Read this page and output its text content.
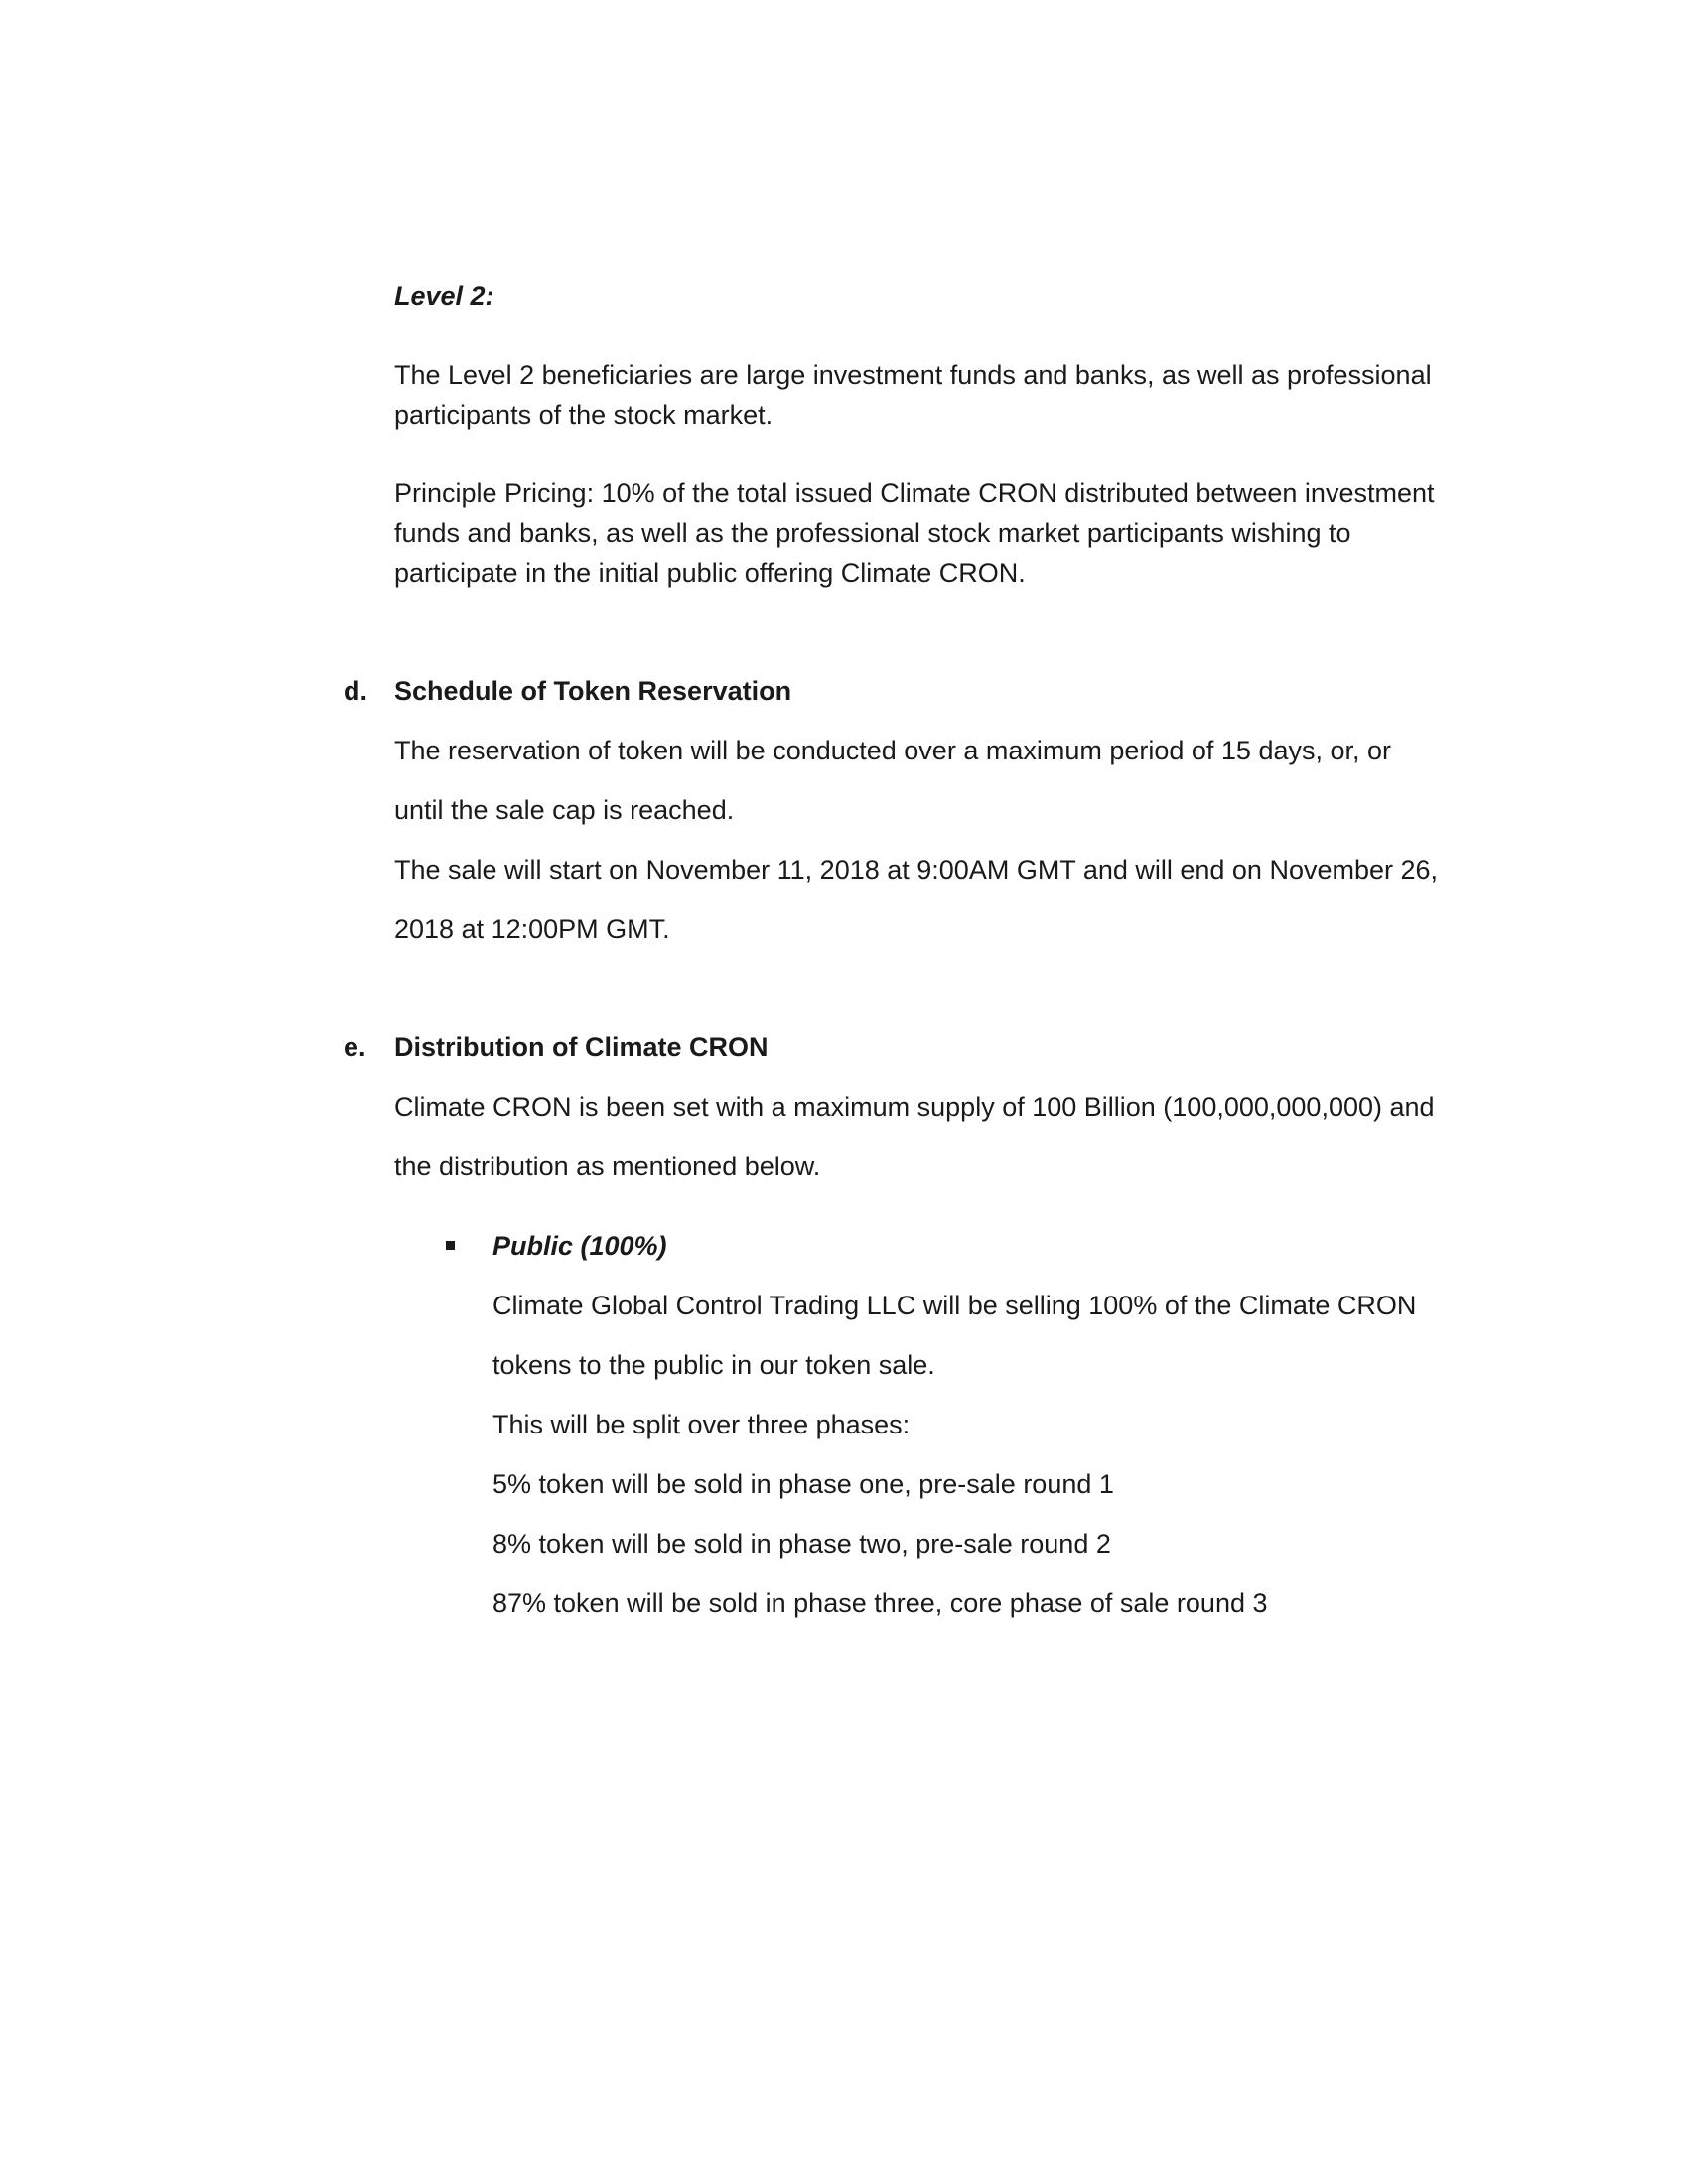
Level 2:
The Level 2 beneficiaries are large investment funds and banks, as well as professional
participants of the stock market.
Principle Pricing: 10% of the total issued Climate CRON distributed between investment
funds and banks, as well as the professional stock market participants wishing to
participate in the initial public offering Climate CRON.
d. Schedule of Token Reservation
The reservation of token will be conducted over a maximum period of 15 days, or, or
until the sale cap is reached.
The sale will start on November 11, 2018 at 9:00AM GMT and will end on November 26,
2018 at 12:00PM GMT.
e. Distribution of Climate CRON
Climate CRON is been set with a maximum supply of 100 Billion (100,000,000,000) and
the distribution as mentioned below.
Public (100%)
Climate Global Control Trading LLC will be selling 100% of the Climate CRON
tokens to the public in our token sale.
This will be split over three phases:
5% token will be sold in phase one, pre-sale round 1
8% token will be sold in phase two, pre-sale round 2
87% token will be sold in phase three, core phase of sale round 3
